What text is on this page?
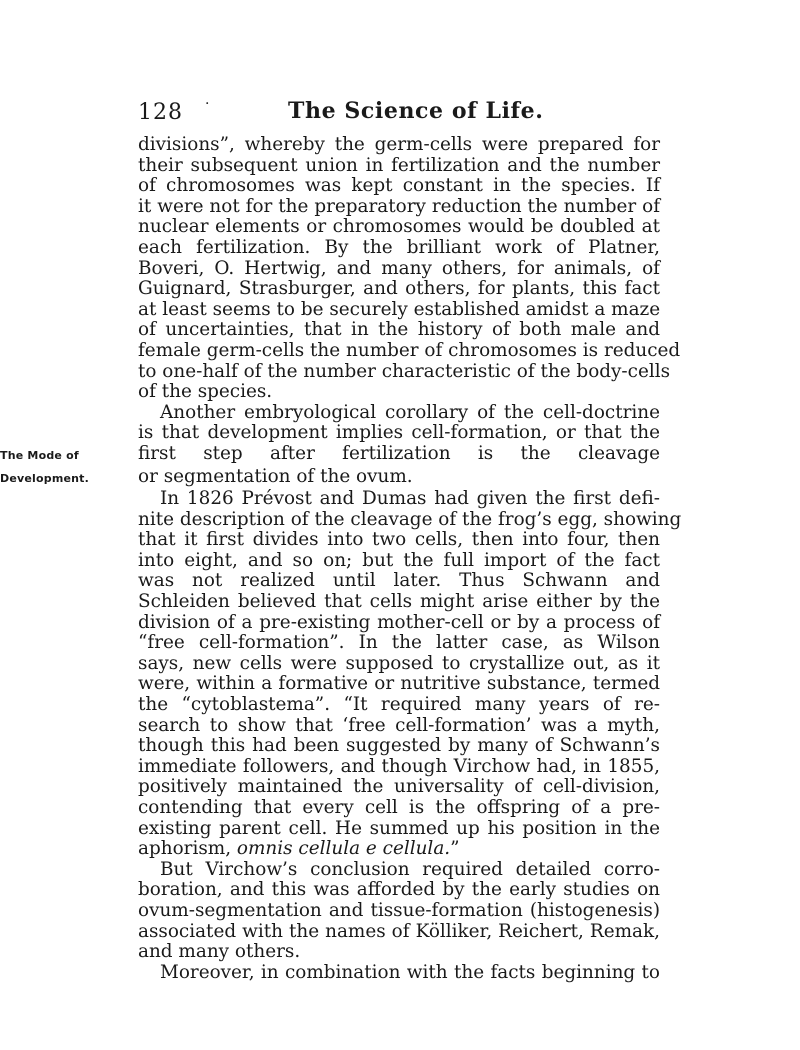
128 ·	The Science of Life.
divisions”, whereby the germ-cells were prepared for
their subsequent union in fertilization and the number
of chromosomes was kept constant in the species. If
it were not for the preparatory reduction the number of
nuclear elements or chromosomes would be doubled at
each fertilization. By the brilliant work of Platner,
Boveri, O. Hertwig, and many others, for animals, of
Guignard, Strasburger, and others, for plants, this fact
at least seems to be securely established amidst a maze
of uncertainties, that in the history of both male and
female germ-cells the number of chromosomes is reduced
to one-half of the number characteristic of the body-cells
of the species.
Another embryological corollary of the cell-doctrine
is that development implies cell-formation, or that the
The Mode of	first step after fertilization is the cleavage
Development.	or segmentation of the ovum.
In 1826 Prévost and Dumas had given the first defi-
nite description of the cleavage of the frog’s egg, showing
that it first divides into two cells, then into four, then
into eight, and so on; but the full import of the fact
was not realized until later. Thus Schwann and
Schleiden believed that cells might arise either by the
division of a pre-existing mother-cell or by a process of
“free cell-formation”. In the latter case, as Wilson
says, new cells were supposed to crystallize out, as it
were, within a formative or nutritive substance, termed
the “cytoblastema”. “It required many years of re-
search to show that ‘free cell-formation’ was a myth,
though this had been suggested by many of Schwann’s
immediate followers, and though Virchow had, in 1855,
positively maintained the universality of cell-division,
contending that every cell is the offspring of a pre-
existing parent cell. He summed up his position in the
aphorism, omnis cellula e cellula.”
But Virchow’s conclusion required detailed corro-
boration, and this was afforded by the early studies on
ovum-segmentation and tissue-formation (histogenesis)
associated with the names of Kölliker, Reichert, Remak,
and many others.
Moreover, in combination with the facts beginning to
